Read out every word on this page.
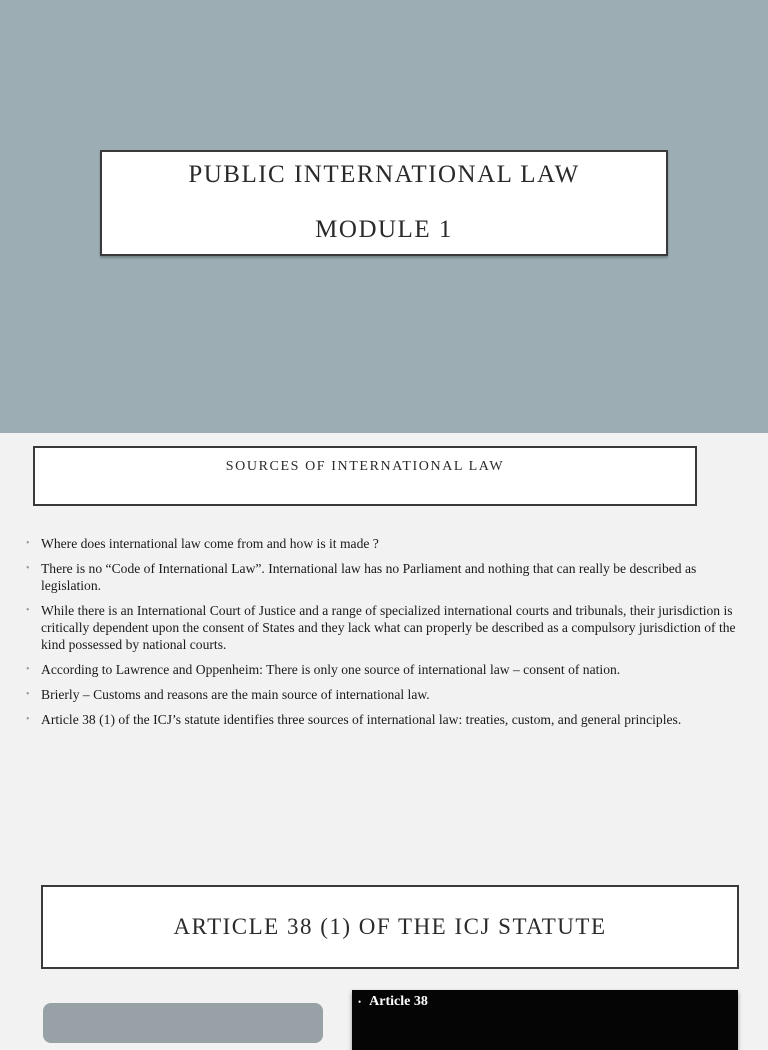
PUBLIC INTERNATIONAL LAW
MODULE 1
SOURCES OF INTERNATIONAL LAW
• Where does international law come from and how is it made ?
• There is no “Code of International Law”. International law has no Parliament and nothing that can really be described as legislation.
• While there is an International Court of Justice and a range of specialized international courts and tribunals, their jurisdiction is critically dependent upon the consent of States and they lack what can properly be described as a compulsory jurisdiction of the kind possessed by national courts.
• According to Lawrence and Oppenheim: There is only one source of international law – consent of nation.
• Brierly – Customs and reasons are the main source of international law.
• Article 38 (1) of the ICJ’s statute identifies three sources of international law: treaties, custom, and general principles.
ARTICLE 38 (1) OF THE ICJ STATUTE
• Article 38
